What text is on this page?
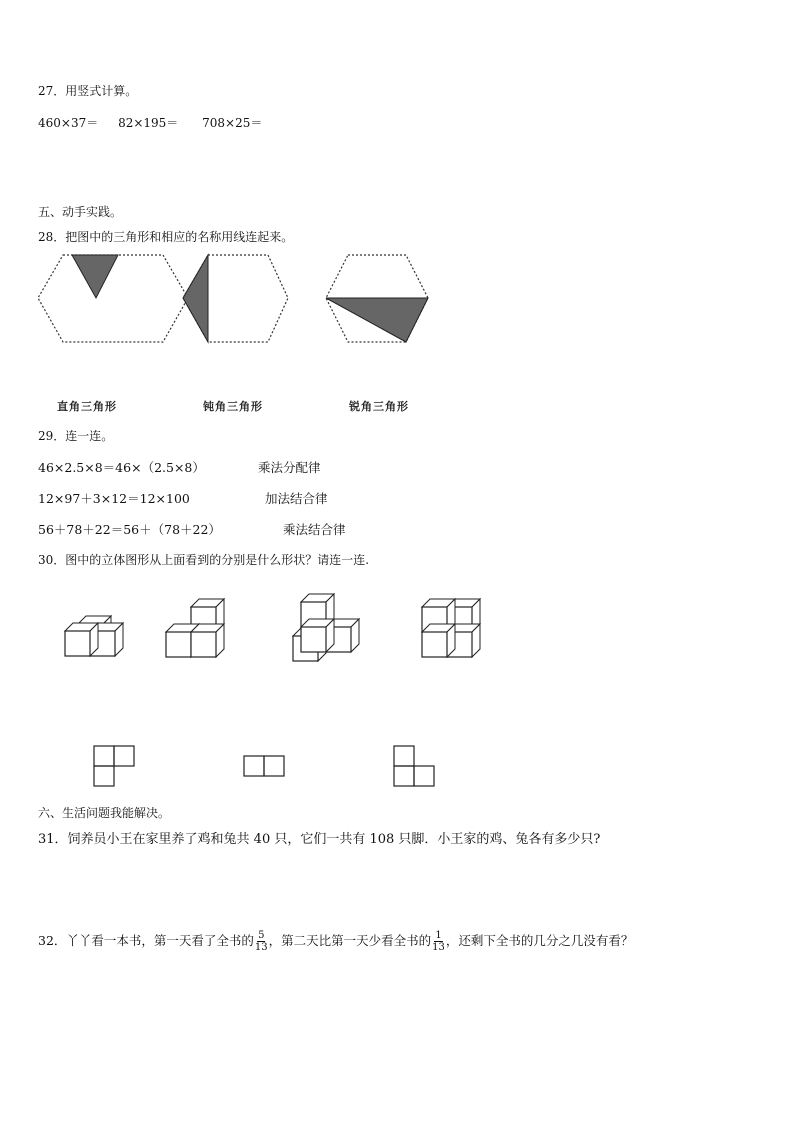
27．用竖式计算。
460×37＝ 82×195＝ 708×25＝
五、动手实践。
28．把图中的三角形和相应的名称用线连起来。
直角三角形	钝角三角形	锐角三角形
29．连一连。
46×2.5×8＝46×（2.5×8）	乘法分配律
12×97＋3×12＝12×100	加法结合律
56＋78＋22＝56＋（78＋22）	乘法结合律
30．图中的立体图形从上面看到的分别是什么形状？请连一连.
六、生活问题我能解决。
31．饲养员小王在家里养了鸡和兔共 40 只，它们一共有 108 只脚．小王家的鸡、兔各有多少只?
32．丫丫看一本书，第一天看了全书的 $\frac{5}{13}$ ，第二天比第一天少看全书的 $\frac{1}{13}$ ，还剩下全书的几分之几没有看？
